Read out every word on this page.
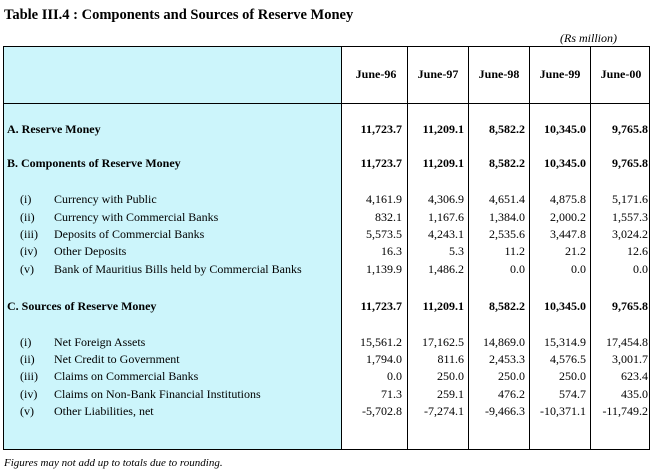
Table III.4 : Components and Sources of Reserve Money
(Rs million)
June-96	June-97	June-98	June-99	June-00
A. Reserve Money	11,723.7	11,209.1	8,582.2	10,345.0	9,765.8
B. Components of Reserve Money	11,723.7	11,209.1	8,582.2	10,345.0	9,765.8
(i) Currency with Public	4,161.9	4,306.9	4,651.4	4,875.8	5,171.6
(ii) Currency with Commercial Banks	832.1	1,167.6	1,384.0	2,000.2	1,557.3
(iii) Deposits of Commercial Banks	5,573.5	4,243.1	2,535.6	3,447.8	3,024.2
(iv) Other Deposits	16.3	5.3	11.2	21.2	12.6
(v) Bank of Mauritius Bills held by Commercial Banks	1,139.9	1,486.2	0.0	0.0	0.0
C. Sources of Reserve Money	11,723.7	11,209.1	8,582.2	10,345.0	9,765.8
(i) Net Foreign Assets	15,561.2	17,162.5	14,869.0	15,314.9	17,454.8
(ii) Net Credit to Government	1,794.0	811.6	2,453.3	4,576.5	3,001.7
(iii) Claims on Commercial Banks	0.0	250.0	250.0	250.0	623.4
(iv) Claims on Non-Bank Financial Institutions	71.3	259.1	476.2	574.7	435.0
(v) Other Liabilities, net	-5,702.8	-7,274.1	-9,466.3	-10,371.1	-11,749.2
Figures may not add up to totals due to rounding.
